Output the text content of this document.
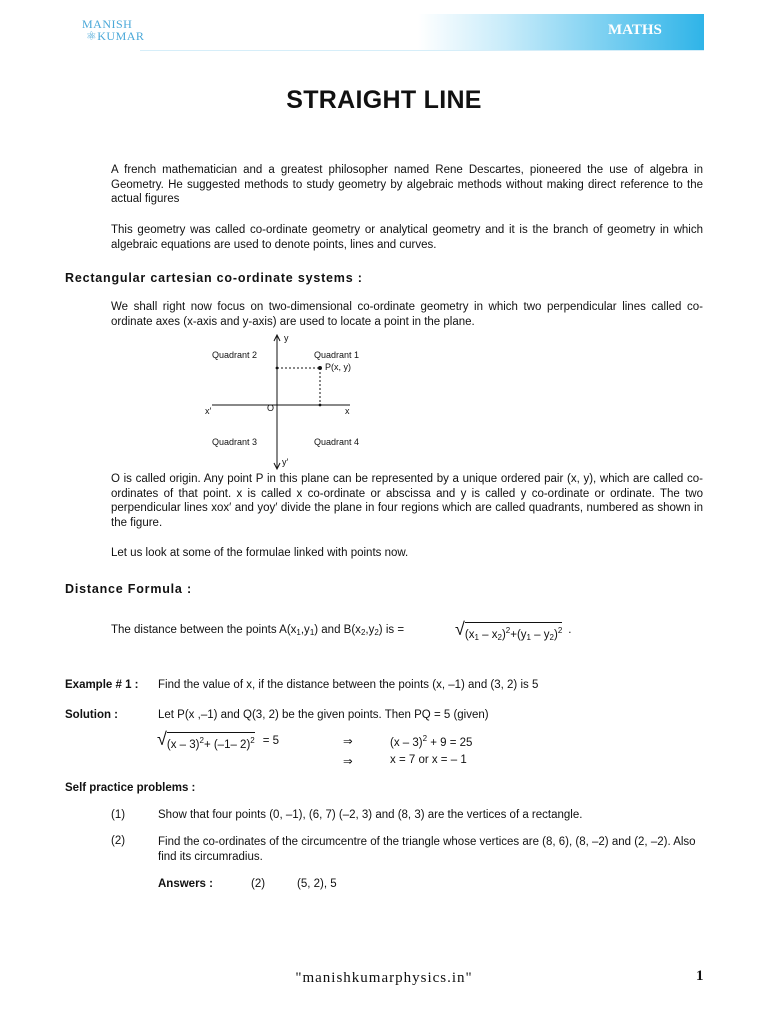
MANISH
⚛KUMAR	MATHS
STRAIGHT LINE
A french mathematician and a greatest philosopher named Rene Descartes, pioneered the use of algebra in Geometry. He suggested methods to study geometry by algebraic methods without making direct reference to the actual figures
This geometry was called co-ordinate geometry or analytical geometry and it is the branch of geometry in which algebraic equations are used to denote points, lines and curves.
Rectangular cartesian co-ordinate systems :
We shall right now focus on two-dimensional co-ordinate geometry in which two perpendicular lines called co-ordinate axes (x-axis and y-axis) are used to locate a point in the plane.
Quadrant 2	Quadrant 1
P(x, y)
Quadrant 3	Quadrant 4
y
y′
x
x′	O
O is called origin. Any point P in this plane can be represented by a unique ordered pair (x, y), which are called co-ordinates of that point. x is called x co-ordinate or abscissa and y is called y co-ordinate or ordinate. The two perpendicular lines xox′ and yoy′ divide the plane in four regions which are called quadrants, numbered as shown in the figure.
Let us look at some of the formulae linked with points now.
Distance Formula :
The distance between the points $A(x_1,y_1)$ and $B(x_2,y_2)$ is =	√ $(x_1 - x_2)^2+(y_1 - y_2)^2$ .
Example # 1 : Find the value of x, if the distance between the points (x, –1) and (3, 2) is 5
Solution :	Let P(x ,–1) and Q(3, 2) be the given points. Then PQ = 5 (given)
√ (x – 3)$^2$+ (–1– 2)$^2$ = 5	⇒	(x – 3)$^2$ + 9 = 25
⇒	x = 7 or x = – 1
Self practice problems :
(1)	Show that four points (0, –1), (6, 7) (–2, 3) and (8, 3) are the vertices of a rectangle.
(2)	Find the co-ordinates of the circumcentre of the triangle whose vertices are (8, 6), (8, –2) and (2, –2). Also find its circumradius.
Answers :	(2)	(5, 2), 5
"manishkumarphysics.in"	1
